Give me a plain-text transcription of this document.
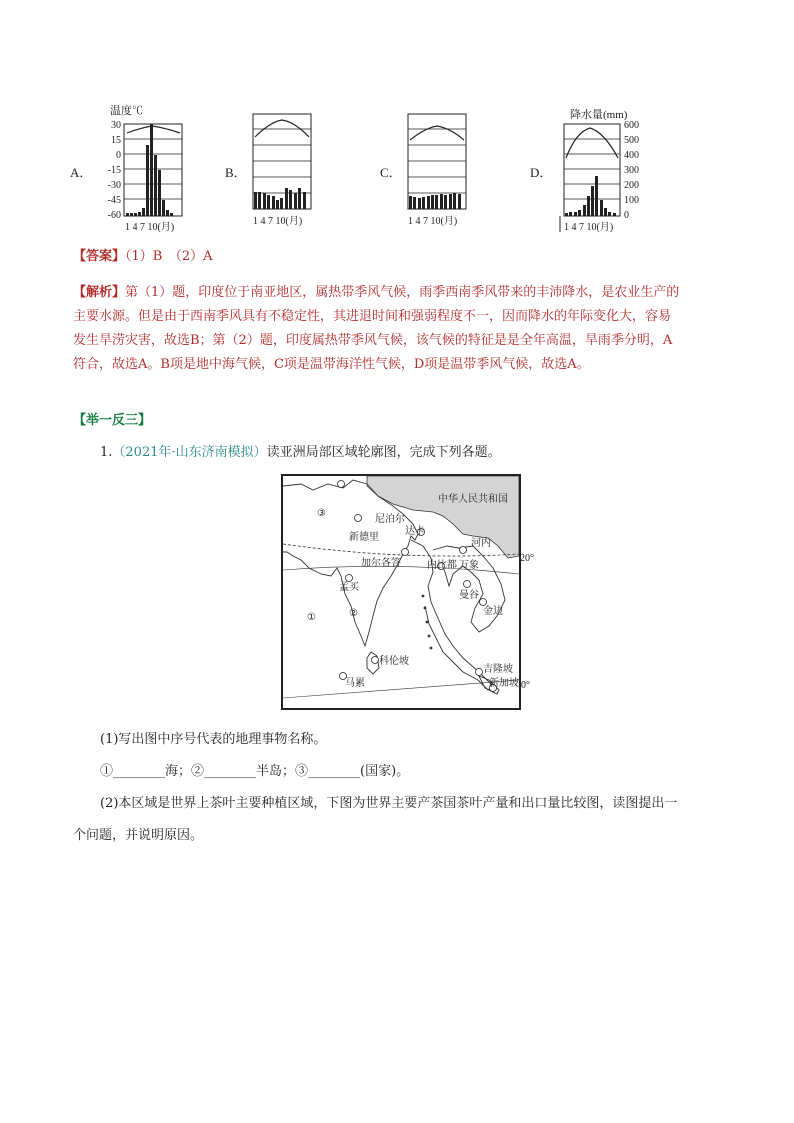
A．
温度℃
30
15
0
-15
-30
-45
-60
1 4 7 10(月)
B．
1 4 7 10(月)
C．
1 4 7 10(月)
D．
降水量(mm)
600
500
400
300
200
100
0
1 4 7 10(月)
【答案】（1）B　（2）A
【解析】第（1）题，印度位于南亚地区，属热带季风气候，雨季西南季风带来的丰沛降水，是农业生产的
主要水源。但是由于西南季风具有不稳定性，其进退时间和强弱程度不一，因而降水的年际变化大，容易
发生旱涝灾害，故选B；第（2）题，印度属热带季风气候，该气候的特征是是全年高温，旱雨季分明，A
符合，故选A。B项是地中海气候，C项是温带海洋性气候，D项是温带季风气候，故选A。
【举一反三】
1.（2021年·山东济南模拟）读亚洲局部区域轮廓图，完成下列各题。
中华人民共和国
尼泊尔
新德里
达卡
加尔各答	内比都 万象
河内
孟买
曼谷
金边
科伦坡
马累
吉隆坡
新加坡
①	②
③
20°
0°
(1)写出图中序号代表的地理事物名称。
①________海；②________半岛；③________(国家)。
(2)本区域是世界上茶叶主要种植区域，下图为世界主要产茶国茶叶产量和出口量比较图，读图提出一
个问题，并说明原因。
